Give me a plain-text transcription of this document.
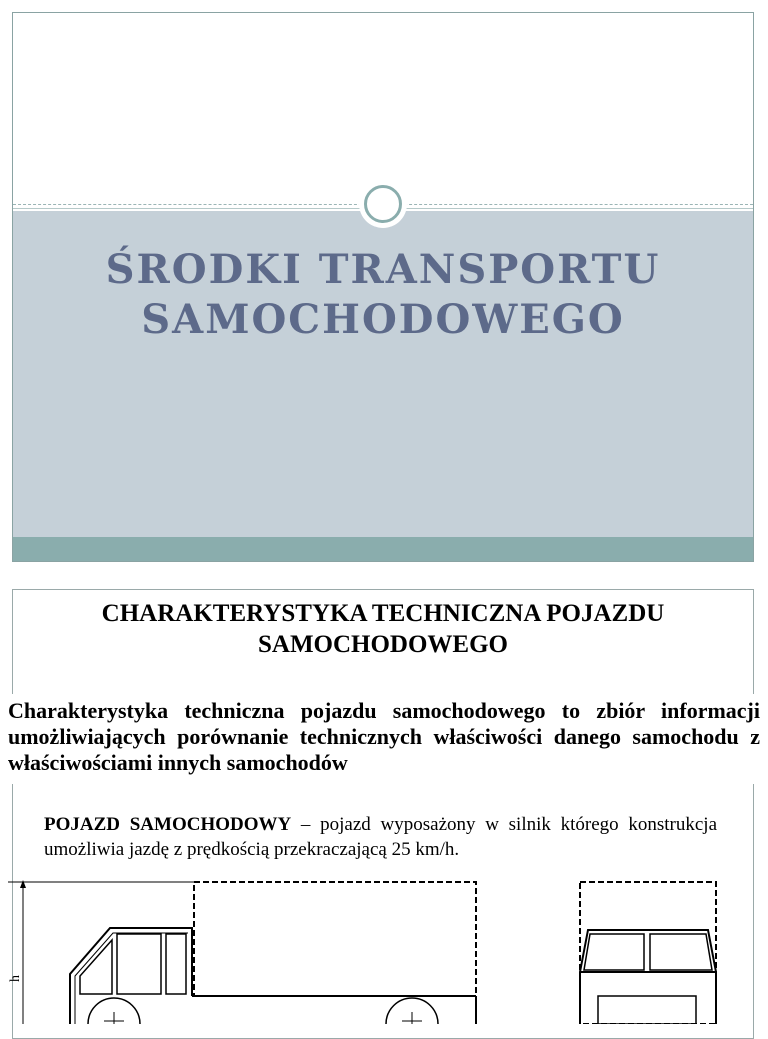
ŚRODKI TRANSPORTU
SAMOCHODOWEGO
CHARAKTERYSTYKA TECHNICZNA POJAZDU
SAMOCHODOWEGO
Charakterystyka techniczna pojazdu samochodowego to zbiór informacji umożliwiających porównanie technicznych właściwości danego samochodu z właściwościami innych samochodów
POJAZD SAMOCHODOWY – pojazd wyposażony w silnik którego konstrukcja umożliwia jazdę z prędkością przekraczającą 25 km/h.
h
